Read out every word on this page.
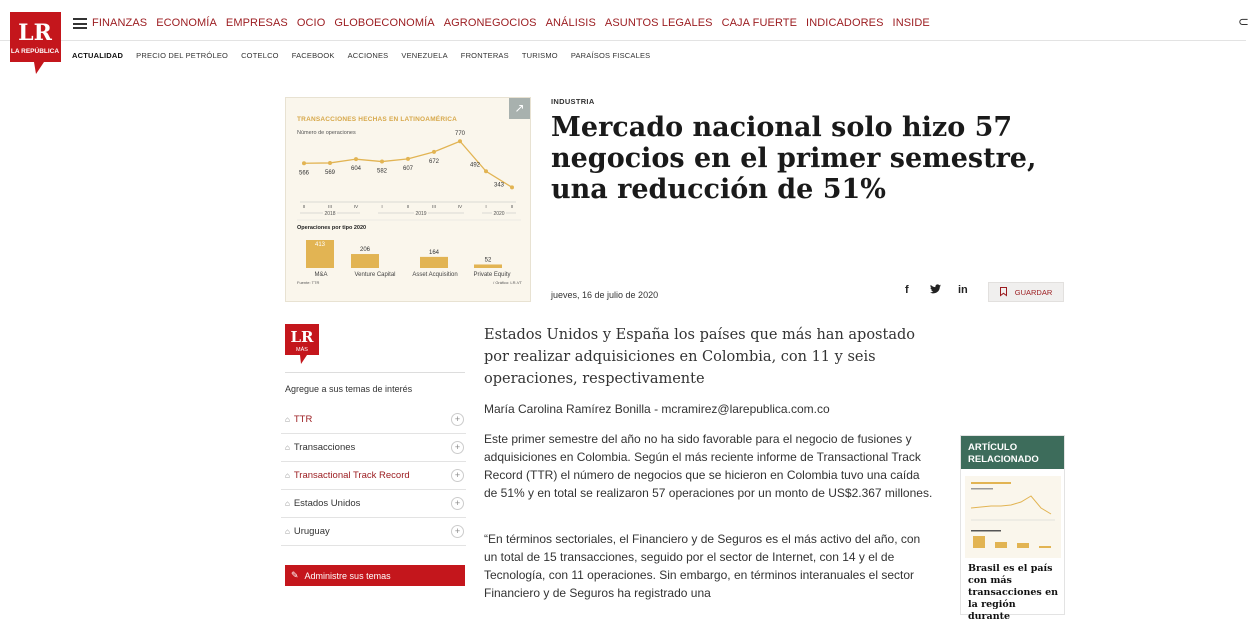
FINANZAS ECONOMÍA EMPRESAS OCIO GLOBOECONOMÍA AGRONEGOCIOS ANÁLISIS ASUNTOS LEGALES CAJA FUERTE INDICADORES INSIDE	⊂
LR
LA REPÚBLICA ACTUALIDAD PRECIO DEL PETRÓLEO COTELCO FACEBOOK ACCIONES VENEZUELA FRONTERAS TURISMO PARAÍSOS FISCALES
TRANSACCIONES HECHAS EN LATINOAMÉRICA
Número de operaciones
566	569
604	582	607
672
770
492
343
II	III	IV	I	II	III	IV	I	II
2018	2019	2020
413
M&A
206
Venture Capital
164
Asset Acquisition
52
Private Equity
Operaciones por tipo 2020
Fuente: TTR	/ Gráfico: LR-VT
↗	INDUSTRIA
Mercado nacional solo hizo 57 negocios en el primer semestre, una reducción de 51%
jueves, 16 de julio de 2020	f	in	GUARDAR
LR
MÁS
Agregue a sus temas de interés
⌂ TTR	+
⌂ Transacciones	+
⌂ Transactional Track Record	+
⌂ Estados Unidos	+
⌂ Uruguay	+
✎ Administre sus temas

Estados Unidos y España los países que más han apostado por realizar adquisiciones en Colombia, con 11 y seis operaciones, respectivamente

María Carolina Ramírez Bonilla - mcramirez@larepublica.com.co

Este primer semestre del año no ha sido favorable para el negocio de fusiones y adquisiciones en Colombia. Según el más reciente informe de Transactional Track Record (TTR) el número de negocios que se hicieron en Colombia tuvo una caída de 51% y en total se realizaron 57 operaciones por un monto de US$2.367 millones.

“En términos sectoriales, el Financiero y de Seguros es el más activo del año, con un total de 15 transacciones, seguido por el sector de Internet, con 14 y el de Tecnología, con 11 operaciones. Sin embargo, en términos interanuales el sector Financiero y de Seguros ha registrado una

ARTÍCULO RELACIONADO
Brasil es el país con más transacciones en la región durante
